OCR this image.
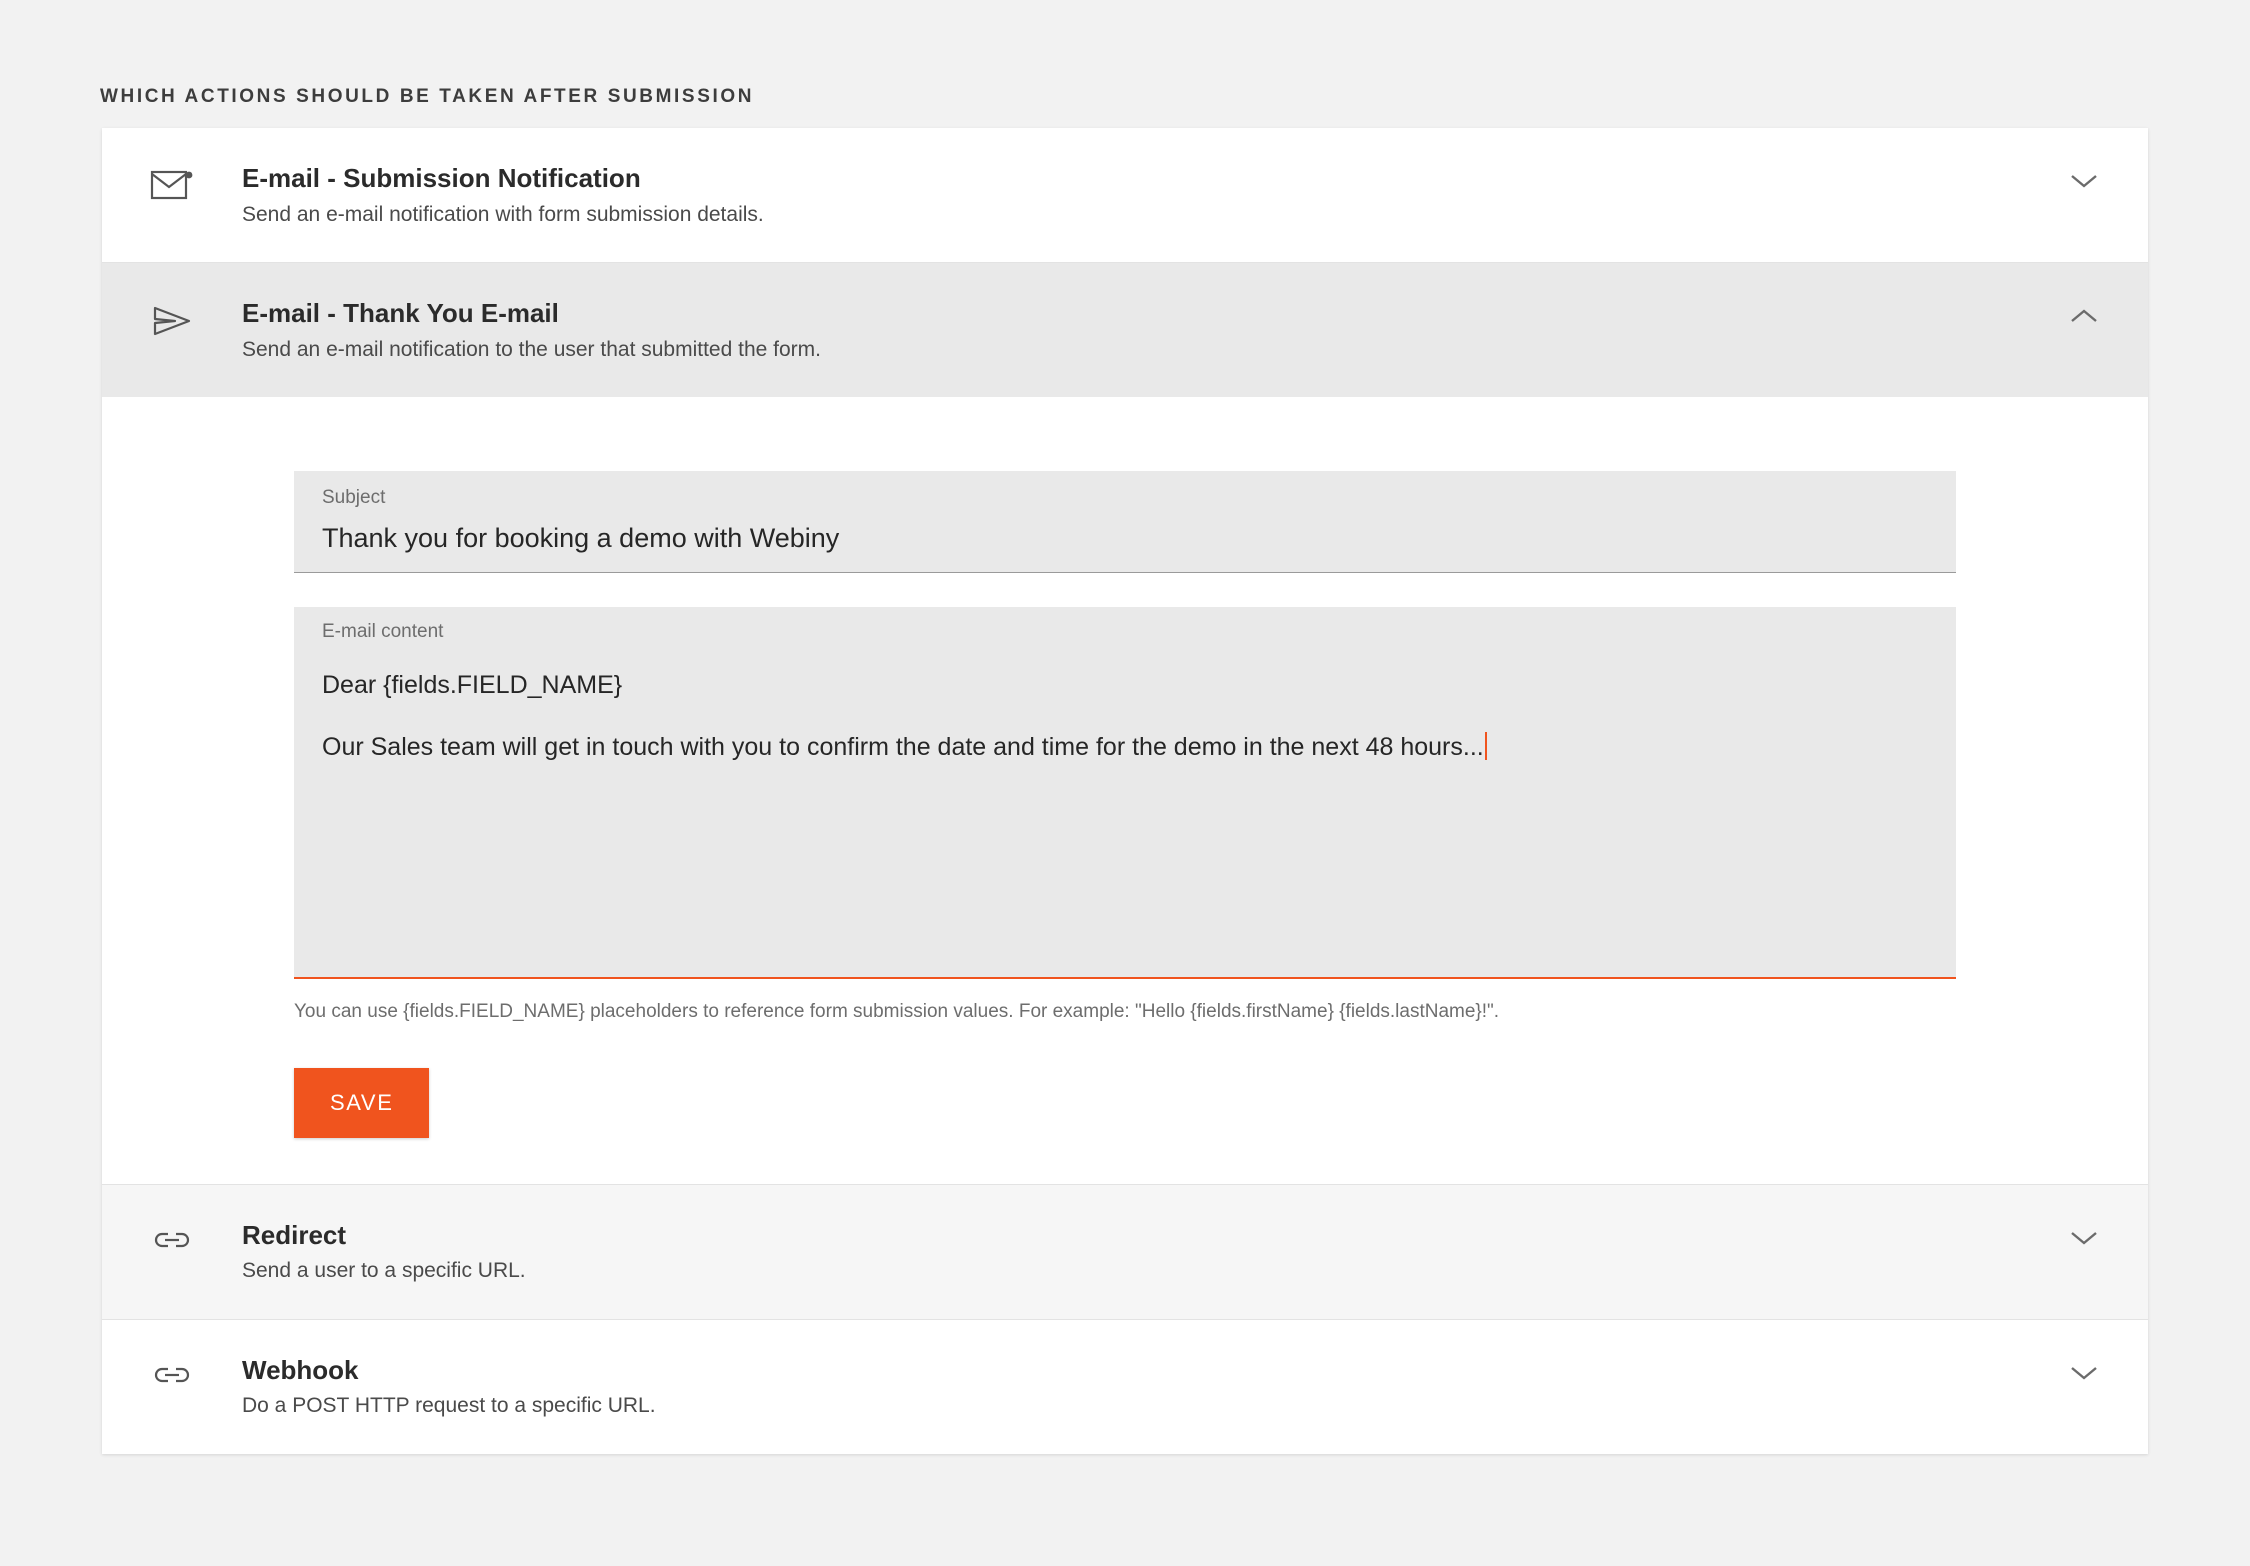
WHICH ACTIONS SHOULD BE TAKEN AFTER SUBMISSION

E-mail - Submission Notification

Send an e-mail notification with form submission details.

E-mail - Thank You E-mail

Send an e-mail notification to the user that submitted the form.

Subject
Thank you for booking a demo with Webiny
E-mail content
Dear {fields.FIELD_NAME}
Our Sales team will get in touch with you to confirm the date and time for the demo in the next 48 hours...
You can use {fields.FIELD_NAME} placeholders to reference form submission values. For example: "Hello {fields.firstName} {fields.lastName}!".
SAVE

Redirect

Send a user to a specific URL.

Webhook

Do a POST HTTP request to a specific URL.
